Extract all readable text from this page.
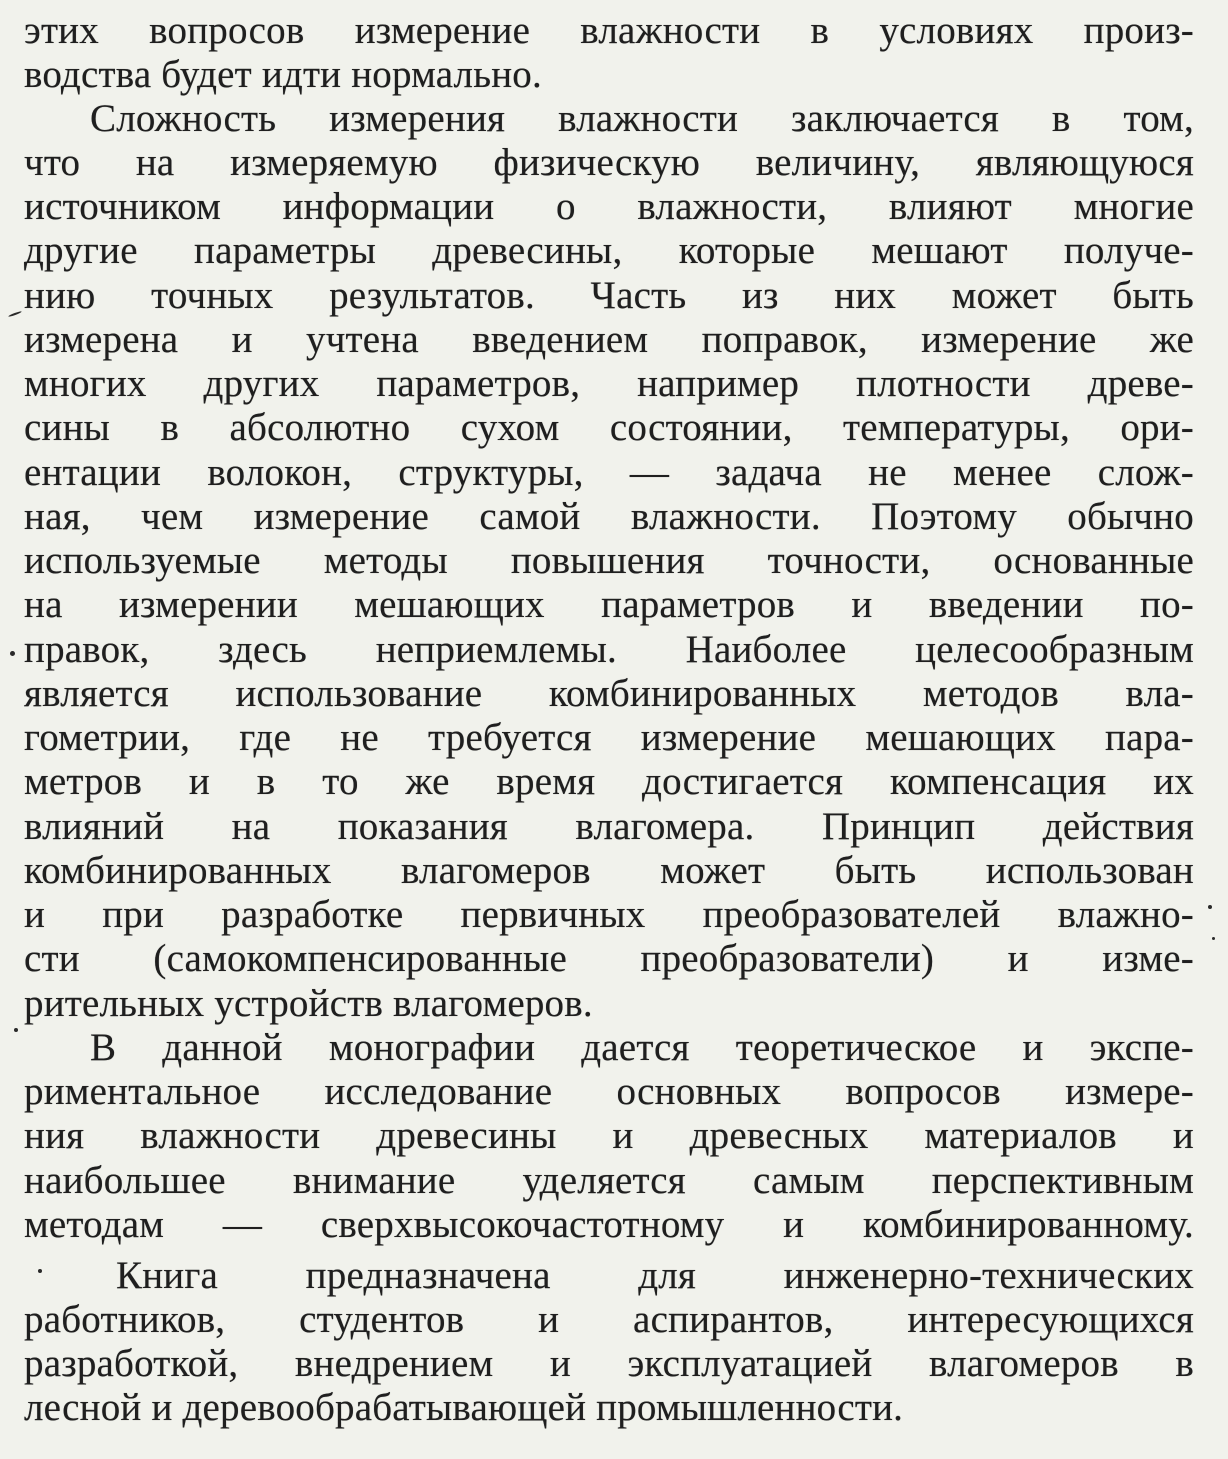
этих вопросов измерение влажности в условиях произ-
водства будет идти нормально.
Сложность измерения влажности заключается в том,
что на измеряемую физическую величину, являющуюся
источником информации о влажности, влияют многие
другие параметры древесины, которые мешают получе-
нию точных результатов. Часть из них может быть
измерена и учтена введением поправок, измерение же
многих других параметров, например плотности древе-
сины в абсолютно сухом состоянии, температуры, ори-
ентации волокон, структуры, — задача не менее слож-
ная, чем измерение самой влажности. Поэтому обычно
используемые методы повышения точности, основанные
на измерении мешающих параметров и введении по-
правок, здесь неприемлемы. Наиболее целесообразным
является использование комбинированных методов вла-
гометрии, где не требуется измерение мешающих пара-
метров и в то же время достигается компенсация их
влияний на показания влагомера. Принцип действия
комбинированных влагомеров может быть использован
и при разработке первичных преобразователей влажно-
сти (самокомпенсированные преобразователи) и изме-
рительных устройств влагомеров.
В данной монографии дается теоретическое и экспе-
риментальное исследование основных вопросов измере-
ния влажности древесины и древесных материалов и
наибольшее внимание уделяется самым перспективным
методам — сверхвысокочастотному и комбинированному.
Книга предназначена для инженерно-технических
работников, студентов и аспирантов, интересующихся
разработкой, внедрением и эксплуатацией влагомеров в
лесной и деревообрабатывающей промышленности.
